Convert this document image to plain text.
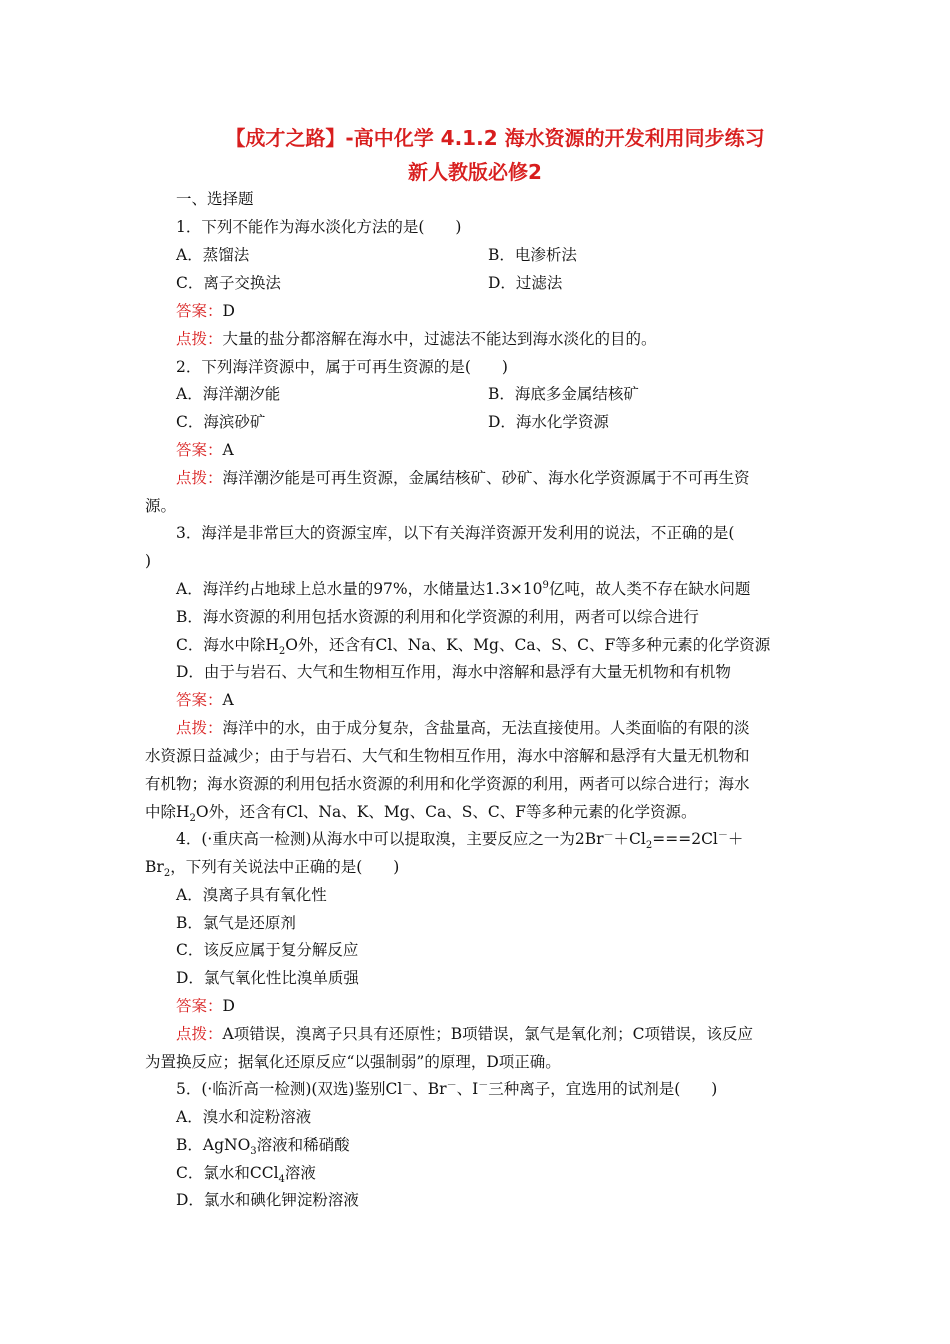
【成才之路】-高中化学 4.1.2 海水资源的开发利用同步练习
新人教版必修2
一、选择题
1．下列不能作为海水淡化方法的是(　　)
A．蒸馏法	B．电渗析法
C．离子交换法	D．过滤法
答案：D
点拨：大量的盐分都溶解在海水中，过滤法不能达到海水淡化的目的。
2．下列海洋资源中，属于可再生资源的是(　　)
A．海洋潮汐能	B．海底多金属结核矿
C．海滨砂矿	D．海水化学资源
答案：A
点拨：海洋潮汐能是可再生资源，金属结核矿、砂矿、海水化学资源属于不可再生资
源。
3．海洋是非常巨大的资源宝库，以下有关海洋资源开发利用的说法，不正确的是(
)
A．海洋约占地球上总水量的97%，水储量达$1.3\times 10^9$亿吨，故人类不存在缺水问题
B．海水资源的利用包括水资源的利用和化学资源的利用，两者可以综合进行
C．海水中除$H_2O$外，还含有Cl、Na、K、Mg、Ca、S、C、F等多种元素的化学资源
D．由于与岩石、大气和生物相互作用，海水中溶解和悬浮有大量无机物和有机物
答案：A
点拨：海洋中的水，由于成分复杂，含盐量高，无法直接使用。人类面临的有限的淡
水资源日益减少；由于与岩石、大气和生物相互作用，海水中溶解和悬浮有大量无机物和
有机物；海水资源的利用包括水资源的利用和化学资源的利用，两者可以综合进行；海水
中除$H_2O$外，还含有Cl、Na、K、Mg、Ca、S、C、F等多种元素的化学资源。
4．(·重庆高一检测)从海水中可以提取溴，主要反应之一为$2Br^-+Cl_2===2Cl^-+$
$Br_2$，下列有关说法中正确的是(　　)
A．溴离子具有氧化性
B．氯气是还原剂
C．该反应属于复分解反应
D．氯气氧化性比溴单质强
答案：D
点拨：A项错误，溴离子只具有还原性；B项错误，氯气是氧化剂；C项错误，该反应
为置换反应；据氧化还原反应“以强制弱”的原理，D项正确。
5．(·临沂高一检测)(双选)鉴别Cl－、Br－、I－三种离子，宜选用的试剂是(　　)
A．溴水和淀粉溶液
B．AgNO$_3$溶液和稀硝酸
C．氯水和CCl$_4$溶液
D．氯水和碘化钾淀粉溶液
